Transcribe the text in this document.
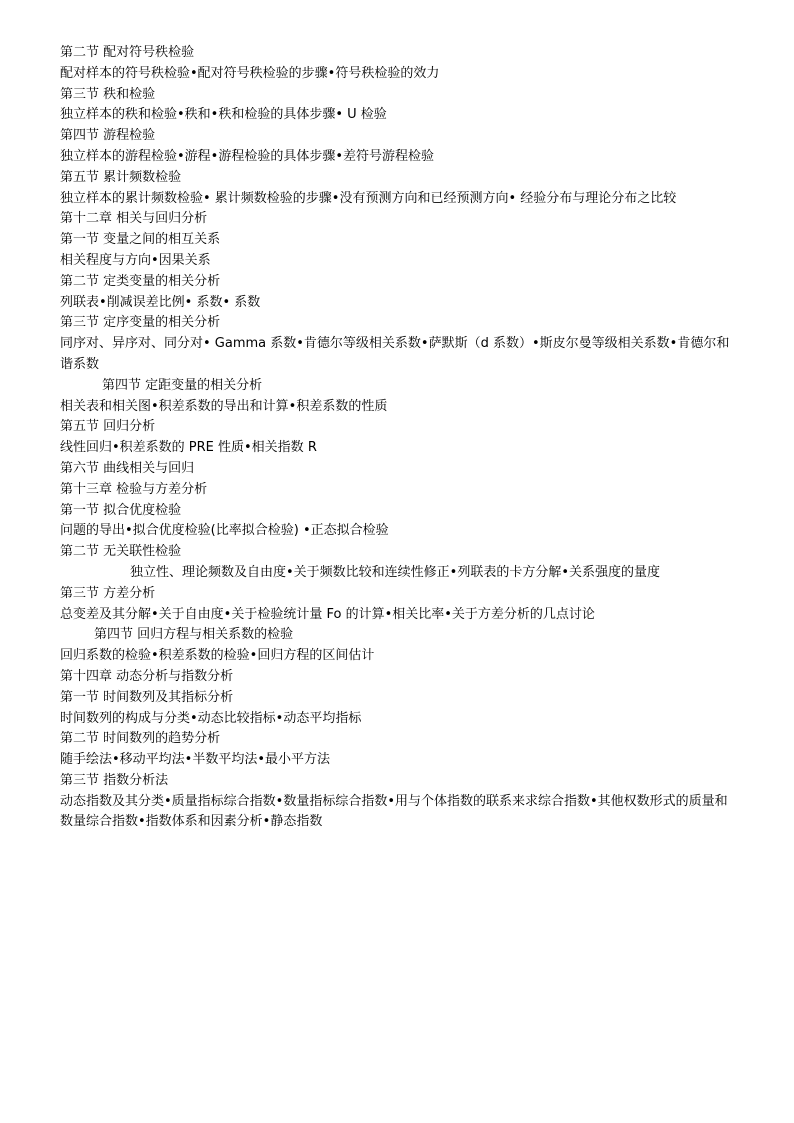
第二节 配对符号秩检验
配对样本的符号秩检验•配对符号秩检验的步骤•符号秩检验的效力
第三节 秩和检验
独立样本的秩和检验•秩和•秩和检验的具体步骤• U 检验
第四节 游程检验
独立样本的游程检验•游程•游程检验的具体步骤•差符号游程检验
第五节 累计频数检验
独立样本的累计频数检验• 累计频数检验的步骤•没有预测方向和已经预测方向• 经验分布与理论分布之比较
第十二章 相关与回归分析
第一节 变量之间的相互关系
相关程度与方向•因果关系
第二节 定类变量的相关分析
列联表•削减误差比例• 系数• 系数
第三节 定序变量的相关分析
同序对、异序对、同分对• Gamma 系数•肯德尔等级相关系数•萨默斯（d 系数）•斯皮尔曼等级相关系数•肯德尔和谐系数
第四节 定距变量的相关分析
相关表和相关图•积差系数的导出和计算•积差系数的性质
第五节 回归分析
线性回归•积差系数的 PRE 性质•相关指数 R
第六节 曲线相关与回归
第十三章 检验与方差分析
第一节 拟合优度检验
问题的导出•拟合优度检验(比率拟合检验) •正态拟合检验
第二节 无关联性检验
独立性、理论频数及自由度•关于频数比较和连续性修正•列联表的卡方分解•关系强度的量度
第三节 方差分析
总变差及其分解•关于自由度•关于检验统计量 Fo 的计算•相关比率•关于方差分析的几点讨论
第四节 回归方程与相关系数的检验
回归系数的检验•积差系数的检验•回归方程的区间估计
第十四章 动态分析与指数分析
第一节 时间数列及其指标分析
时间数列的构成与分类•动态比较指标•动态平均指标
第二节 时间数列的趋势分析
随手绘法•移动平均法•半数平均法•最小平方法
第三节 指数分析法
动态指数及其分类•质量指标综合指数•数量指标综合指数•用与个体指数的联系来求综合指数•其他权数形式的质量和数量综合指数•指数体系和因素分析•静态指数
